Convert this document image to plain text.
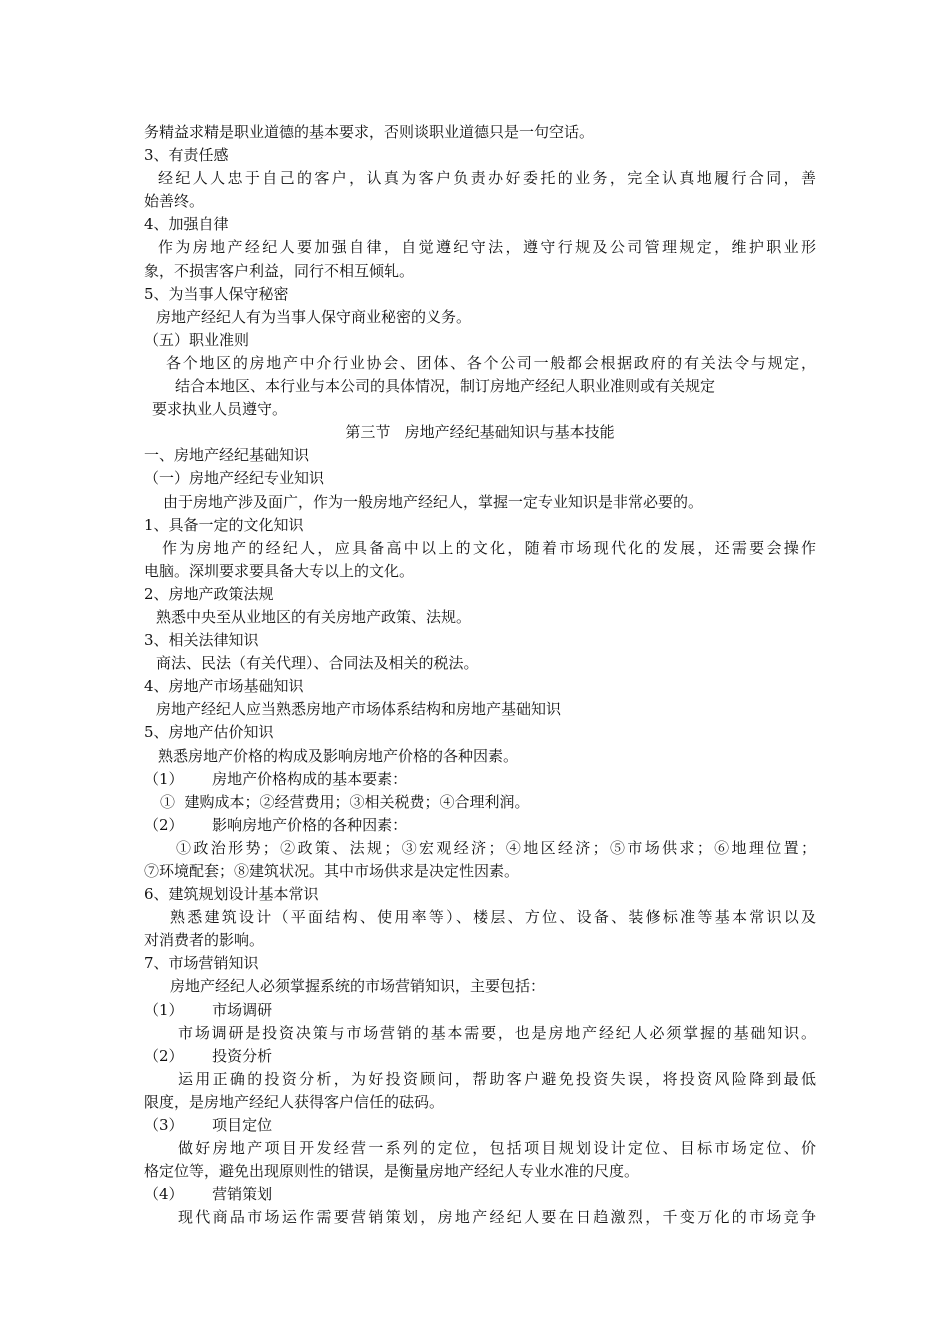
务精益求精是职业道德的基本要求，否则谈职业道德只是一句空话。
3、有责任感
经纪人人忠于自己的客户，认真为客户负责办好委托的业务，完全认真地履行合同，善
始善终。
4、加强自律
作为房地产经纪人要加强自律，自觉遵纪守法，遵守行规及公司管理规定，维护职业形
象，不损害客户利益，同行不相互倾轧。
5、为当事人保守秘密
房地产经纪人有为当事人保守商业秘密的义务。
（五）职业准则
各个地区的房地产中介行业协会、团体、各个公司一般都会根据政府的有关法令与规定，
结合本地区、本行业与本公司的具体情况，制订房地产经纪人职业准则或有关规定
要求执业人员遵守。
第三节   房地产经纪基础知识与基本技能
一、房地产经纪基础知识
（一）房地产经纪专业知识
由于房地产涉及面广，作为一般房地产经纪人，掌握一定专业知识是非常必要的。
1、具备一定的文化知识
作为房地产的经纪人，应具备高中以上的文化，随着市场现代化的发展，还需要会操作
电脑。深圳要求要具备大专以上的文化。
2、房地产政策法规
熟悉中央至从业地区的有关房地产政策、法规。
3、相关法律知识
商法、民法（有关代理）、合同法及相关的税法。
4、房地产市场基础知识
房地产经纪人应当熟悉房地产市场体系结构和房地产基础知识
5、房地产估价知识
熟悉房地产价格的构成及影响房地产价格的各种因素。
（1）      房地产价格构成的基本要素：
①  建购成本；②经营费用；③相关税费；④合理利润。
（2）      影响房地产价格的各种因素：
①政治形势；②政策、法规；③宏观经济；④地区经济；⑤市场供求；⑥地理位置；
⑦环境配套；⑧建筑状况。其中市场供求是决定性因素。
6、建筑规划设计基本常识
熟悉建筑设计（平面结构、使用率等）、楼层、方位、设备、装修标准等基本常识以及
对消费者的影响。
7、市场营销知识
房地产经纪人必须掌握系统的市场营销知识，主要包括：
（1）      市场调研
市场调研是投资决策与市场营销的基本需要，也是房地产经纪人必须掌握的基础知识。
（2）      投资分析
运用正确的投资分析，为好投资顾问，帮助客户避免投资失误，将投资风险降到最低
限度，是房地产经纪人获得客户信任的砝码。
（3）      项目定位
做好房地产项目开发经营一系列的定位，包括项目规划设计定位、目标市场定位、价
格定位等，避免出现原则性的错误，是衡量房地产经纪人专业水准的尺度。
（4）      营销策划
现代商品市场运作需要营销策划，房地产经纪人要在日趋激烈，千变万化的市场竞争
